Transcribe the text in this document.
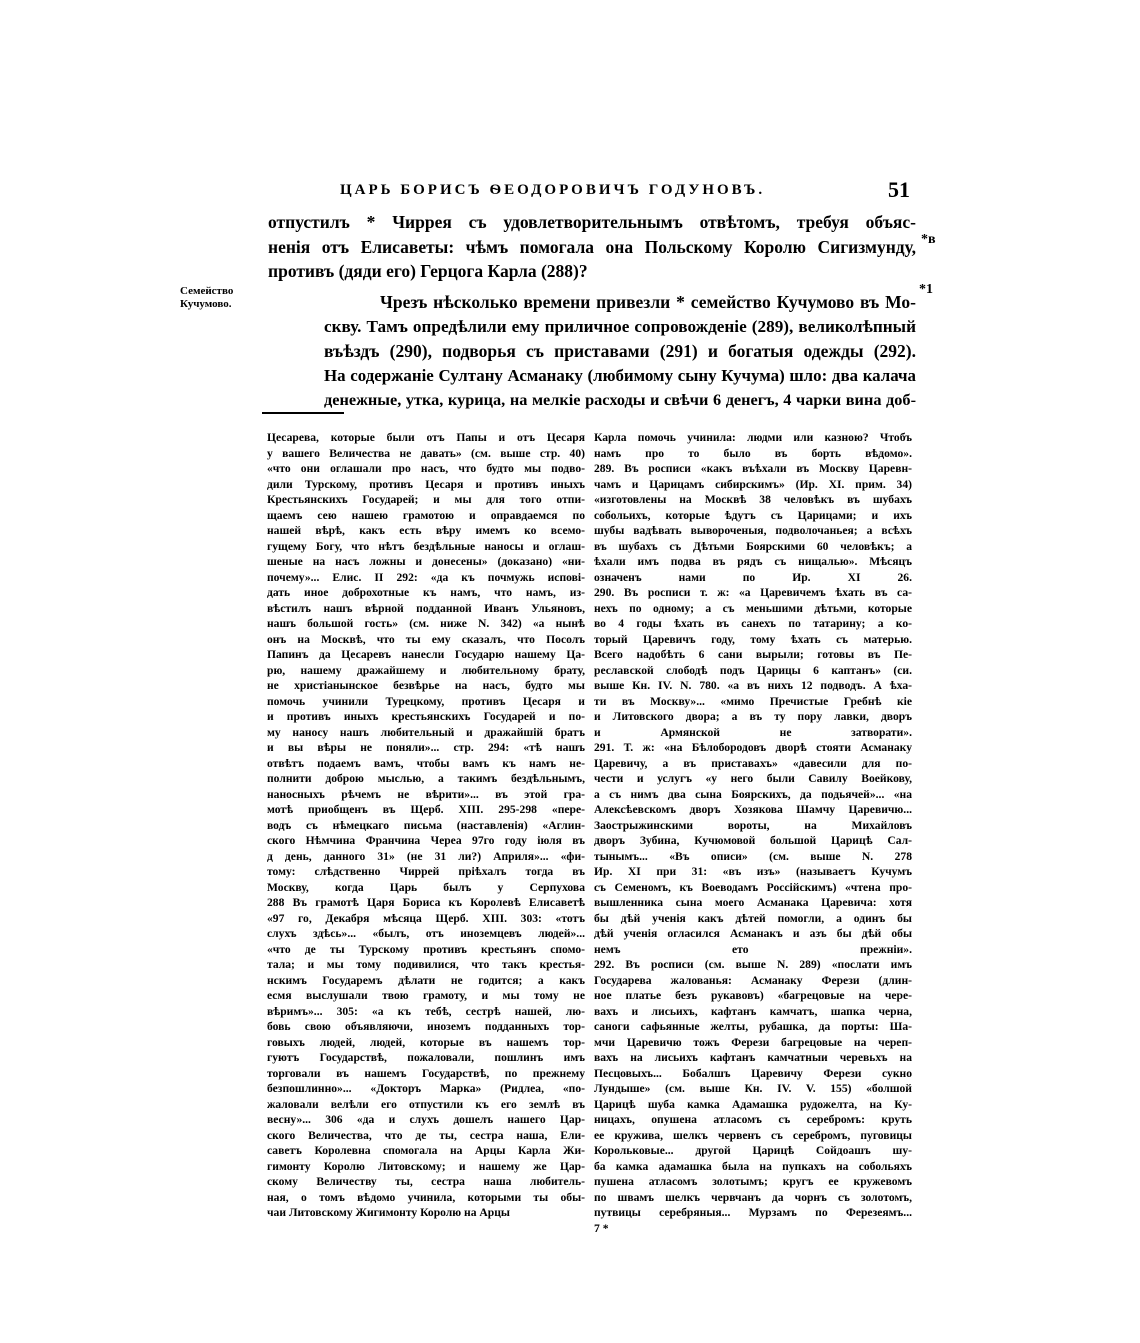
ЦАРЬ БОРИСЪ ѲЕОДОРОВИЧЪ ГОДУНОВЪ.	51
Семейство
Кучумово.
*в
*1
отпустилъ * Чиррея съ удовлетворительнымъ отвѣтомъ, требуя объяс-
ненія отъ Елисаветы: чѣмъ помогала она Польскому Королю Сигизмунду,
противъ (дяди его) Герцога Карла (288)?
Чрезъ нѣсколько времени привезли * семейство Кучумово въ Мо-
скву. Тамъ опредѣлили ему приличное сопровожденіе (289), великолѣпный
въѣздъ (290), подворья съ приставами (291) и богатыя одежды (292).
На содержаніе Султану Асманаку (любимому сыну Кучума) шло: два калача
денежные, утка, курица, на мелкіе расходы и свѣчи 6 денегъ, 4 чарки вина доб-
Цесарева, которые были отъ Папы и отъ Цесаря
у вашего Величества не давать» (см. выше стр. 40)
«что они оглашали про насъ, что будто мы подво-
дили Турскому, противъ Цесаря и противъ иныхъ
Крестьянскихъ Государей; и мы для того отпи-
щаемъ сею нашею грамотою и оправдаемся по
нашей вѣрѣ, какъ есть вѣру имемъ ко всемо-
гущему Богу, что нѣтъ бездѣльные наносы и оглаш-
шеные на насъ ложны и донесены» (доказано) «ни-
почему»... Елис. II 292: «да къ почмужь испові-
дать иное доброхотные къ намъ, что намъ, из-
вѣстилъ нашъ вѣрной подданной Иванъ Ульяновъ,
нашъ большой гость» (см. ниже N. 342) «а нынѣ
онъ на Москвѣ, что ты ему сказалъ, что Посолъ
Папинъ да Цесаревъ нанесли Государю нашему Ца-
рю, нашему дражайшему и любительному брату,
не христіанынское безвѣрье на насъ, будто мы
помочь учинили Турецкому, противъ Цесаря и
и противъ иныхъ крестьянскихъ Государей и по-
му наносу нашъ любительный и дражайшій братъ
и вы вѣры не поняли»... стр. 294: «тѣ нашъ
отвѣтъ подаемъ вамъ, чтобы вамъ къ намъ не-
полнити доброю мыслью, а такимъ бездѣльнымъ,
наносныхъ рѣчемъ не вѣрити»... въ этой гра-
мотѣ приобщенъ въ Щерб. XIII. 295-298 «пере-
водъ съ нѣмецкаго письма (наставленія) «Аглин-
ского Нѣмчина Франчина Череа 97го году іюля въ
д день, данного 31» (не 31 ли?) Априля»... «фи-
тому: слѣдственно Чиррей пріѣхалъ тогда въ
Москву, когда Царь былъ у Серпухова
288 Въ грамотѣ Царя Бориса къ Королевѣ Елисаветѣ
«97 го, Декабря мѣсяца Щерб. XIII. 303: «тотъ
слухъ здѣсь»... «былъ, отъ иноземцевъ людей»...
«что де ты Турскому противъ крестьянъ спомо-
тала; и мы тому подивилися, что такъ крестья-
нскимъ Государемъ дѣлати не годится; а какъ
есмя выслушали твою грамоту, и мы тому не
вѣримъ»... 305: «а къ тебѣ, сестрѣ нашей, лю-
бовь свою объявляючи, иноземъ подданныхъ тор-
говыхъ людей, людей, которые въ нашемъ тор-
гуютъ Государствѣ, пожаловали, пошлинъ имъ
торговали въ нашемъ Государствѣ, по прежнему
безпошлинно»... «Докторъ Марка» (Ридлеа, «по-
жаловали велѣли его отпустили къ его землѣ въ
весну»... 306 «да и слухъ дошелъ нашего Цар-
ского Величества, что де ты, сестра наша, Ели-
саветъ Королевна спомогала на Арцы Карла Жи-
гимонту Королю Литовскому; и нашему же Цар-
скому Величеству ты, сестра наша любитель-
ная, о томъ вѣдомо учинила, которыми ты обы-
чаи Литовскому Жигимонту Королю на Арцы
Карла помочь учинила: людми или казною? Чтобъ
намъ про то было въ борть вѣдомо».
289. Въ росписи «какъ въѣхали въ Москву Царевн-
чамъ и Царицамъ сибирскимъ» (Ир. XI. прим. 34)
«изготовлены на Москвѣ 38 человѣкъ въ шубахъ
собольихъ, которые ѣдутъ съ Царицами; и ихъ
шубы вадѣвать вывороченыя, подволочаньея; а всѣхъ
въ шубахъ съ Дѣтьми Боярскими 60 человѣкъ; а
ѣхали имъ подва въ рядъ съ нищалью». Мѣсяцъ
означенъ нами по Ир. XI 26.
290. Въ росписи т. ж: «а Царевичемъ ѣхать въ са-
нехъ по одному; а съ меньшими дѣтьми, которые
во 4 годы ѣхать въ санехъ по татарину; а ко-
торый Царевичъ году, тому ѣхать съ матерью.
Всего надобѣть 6 сани вырыли; готовы въ Пе-
реславской слободѣ подъ Царицы 6 каптанъ» (си.
выше Кн. IV. N. 780. «а въ нихъ 12 подводъ. А ѣха-
ти въ Москву»... «мимо Пречистые Гребнѣ кіе
и Литовского двора; а въ ту пору лавки, дворъ
и Армянской не затворати».
291. Т. ж: «на Бѣлобородовъ дворѣ стояти Асманаку
Царевичу, а въ приставахъ» «давесили для по-
чести и услугъ «у него были Савилу Воейкову,
а съ нимъ два сына Боярскихъ, да подьячей»... «на
Алексѣевскомъ дворъ Хозякова Шамчу Царевичю...
Заострыжинскими вороты, на Михайловъ
дворъ Зубина, Кучюмовой большой Царицѣ Сал-
тынымъ... «Въ описи» (см. выше N. 278
Ир. XI при 31: «въ изъ» (называетъ Кучумъ
съ Семеномъ, къ Воеводамъ Россійскимъ) «чтена про-
вышленника сына моего Асманака Царевича: хотя
бы дѣй ученія какъ дѣтей помогли, а одинъ бы
дѣй ученія огласился Асманакъ и азъ бы дѣй обы
немъ ето прежніи».
292. Въ росписи (см. выше N. 289) «послати имъ
Государева жалованья: Асманаку Ферези (длин-
ное платье безъ рукавовъ) «багрецовые на чере-
вахъ и лисьихъ, кафтанъ камчатъ, шапка черна,
саноги сафьянные желты, рубашка, да порты: Ша-
мчи Царевичю тожъ Ферези багрецовые на череп-
вахъ на лисьихъ кафтанъ камчатныи черевьхъ на
Песцовыхъ... Бобалшъ Царевичу Ферези сукно
Лундыше» (см. выше Кн. IV. V. 155) «болшой
Царицѣ шуба камка Адамашка рудожелта, на Ку-
ницахъ, опушена атласомъ съ серебромъ: круть
ее кружива, шелкъ червенъ съ серебромъ, пуговицы
Корольковые... другой Царицѣ Сойдоашъ шу-
ба камка адамашка была на пупкахъ на собольяхъ
пушена атласомъ золотымъ; кругъ ее кружевомъ
по швамъ шелкъ червчанъ да чорнъ съ золотомъ,
путвицы серебряныя... Мурзамъ по Ферезеямъ...
7 *
